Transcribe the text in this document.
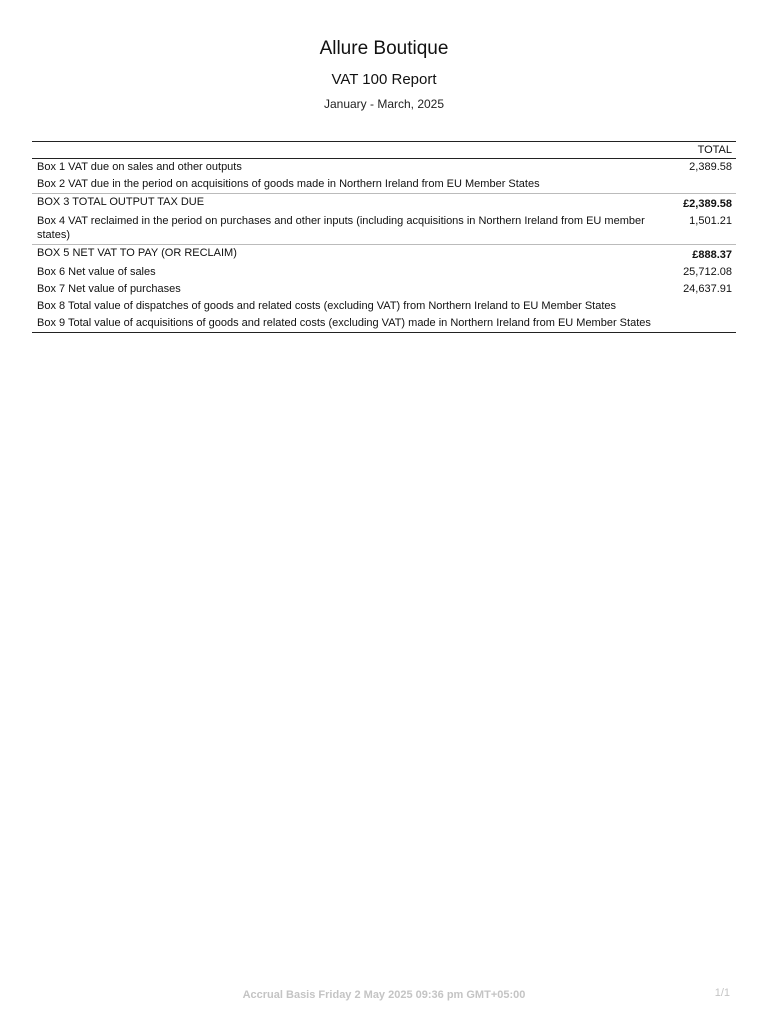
Allure Boutique
VAT 100 Report
January - March, 2025
	TOTAL
Box 1 VAT due on sales and other outputs	2,389.58
Box 2 VAT due in the period on acquisitions of goods made in Northern Ireland from EU Member States	
BOX 3 TOTAL OUTPUT TAX DUE	£2,389.58
Box 4 VAT reclaimed in the period on purchases and other inputs (including acquisitions in Northern Ireland from EU member states)	1,501.21
BOX 5 NET VAT TO PAY (OR RECLAIM)	£888.37
Box 6 Net value of sales	25,712.08
Box 7 Net value of purchases	24,637.91
Box 8 Total value of dispatches of goods and related costs (excluding VAT) from Northern Ireland to EU Member States	
Box 9 Total value of acquisitions of goods and related costs (excluding VAT) made in Northern Ireland from EU Member States	
Accrual Basis Friday 2 May 2025 09:36 pm GMT+05:00	1/1
